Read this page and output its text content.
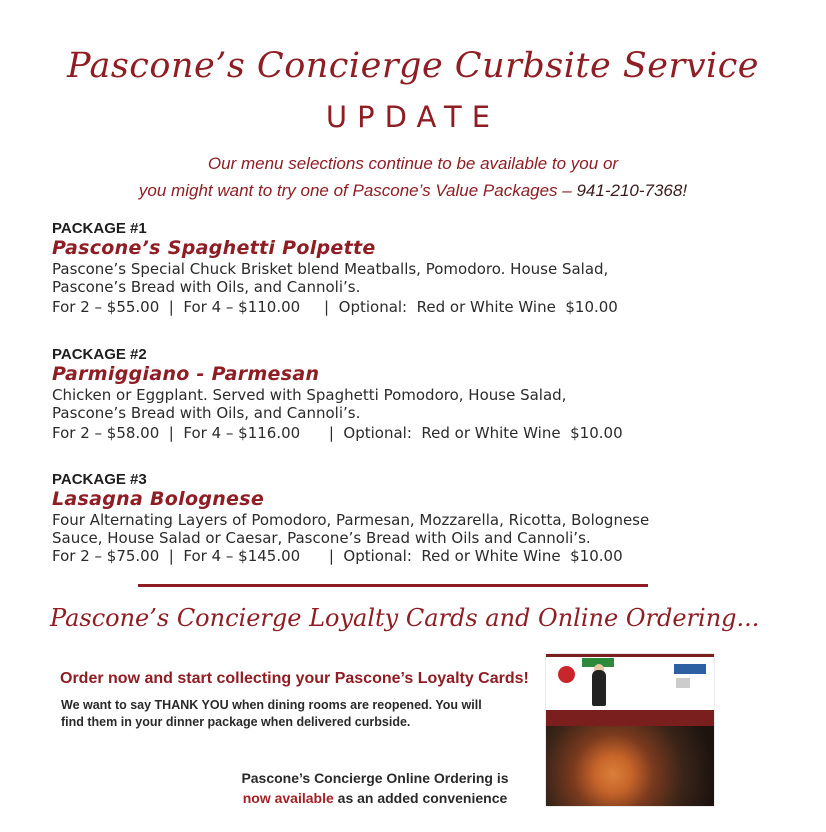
Pascone’s Concierge Curbsite Service
UPDATE
Our menu selections continue to be available to you or
you might want to try one of Pascone’s Value Packages – 941-210-7368!
PACKAGE #1
Pascone’s Spaghetti Polpette
Pascone’s Special Chuck Brisket blend Meatballs, Pomodoro. House Salad,
Pascone’s Bread with Oils, and Cannoli’s.
For 2 – $55.00  |  For 4 – $110.00     |  Optional:  Red or White Wine  $10.00
PACKAGE #2
Parmiggiano - Parmesan
Chicken or Eggplant. Served with Spaghetti Pomodoro, House Salad,
Pascone’s Bread with Oils, and Cannoli’s.
For 2 – $58.00  |  For 4 – $116.00      |  Optional:  Red or White Wine  $10.00
PACKAGE #3
Lasagna Bolognese
Four Alternating Layers of Pomodoro, Parmesan, Mozzarella, Ricotta, Bolognese
Sauce, House Salad or Caesar, Pascone’s Bread with Oils and Cannoli’s.
For 2 – $75.00  |  For 4 – $145.00      |  Optional:  Red or White Wine  $10.00
Pascone’s Concierge Loyalty Cards and Online Ordering...
Order now and start collecting your Pascone’s Loyalty Cards!
We want to say THANK YOU when dining rooms are reopened. You will
find them in your dinner package when delivered curbside.
Pascone’s Concierge Online Ordering is
now available as an added convenience
